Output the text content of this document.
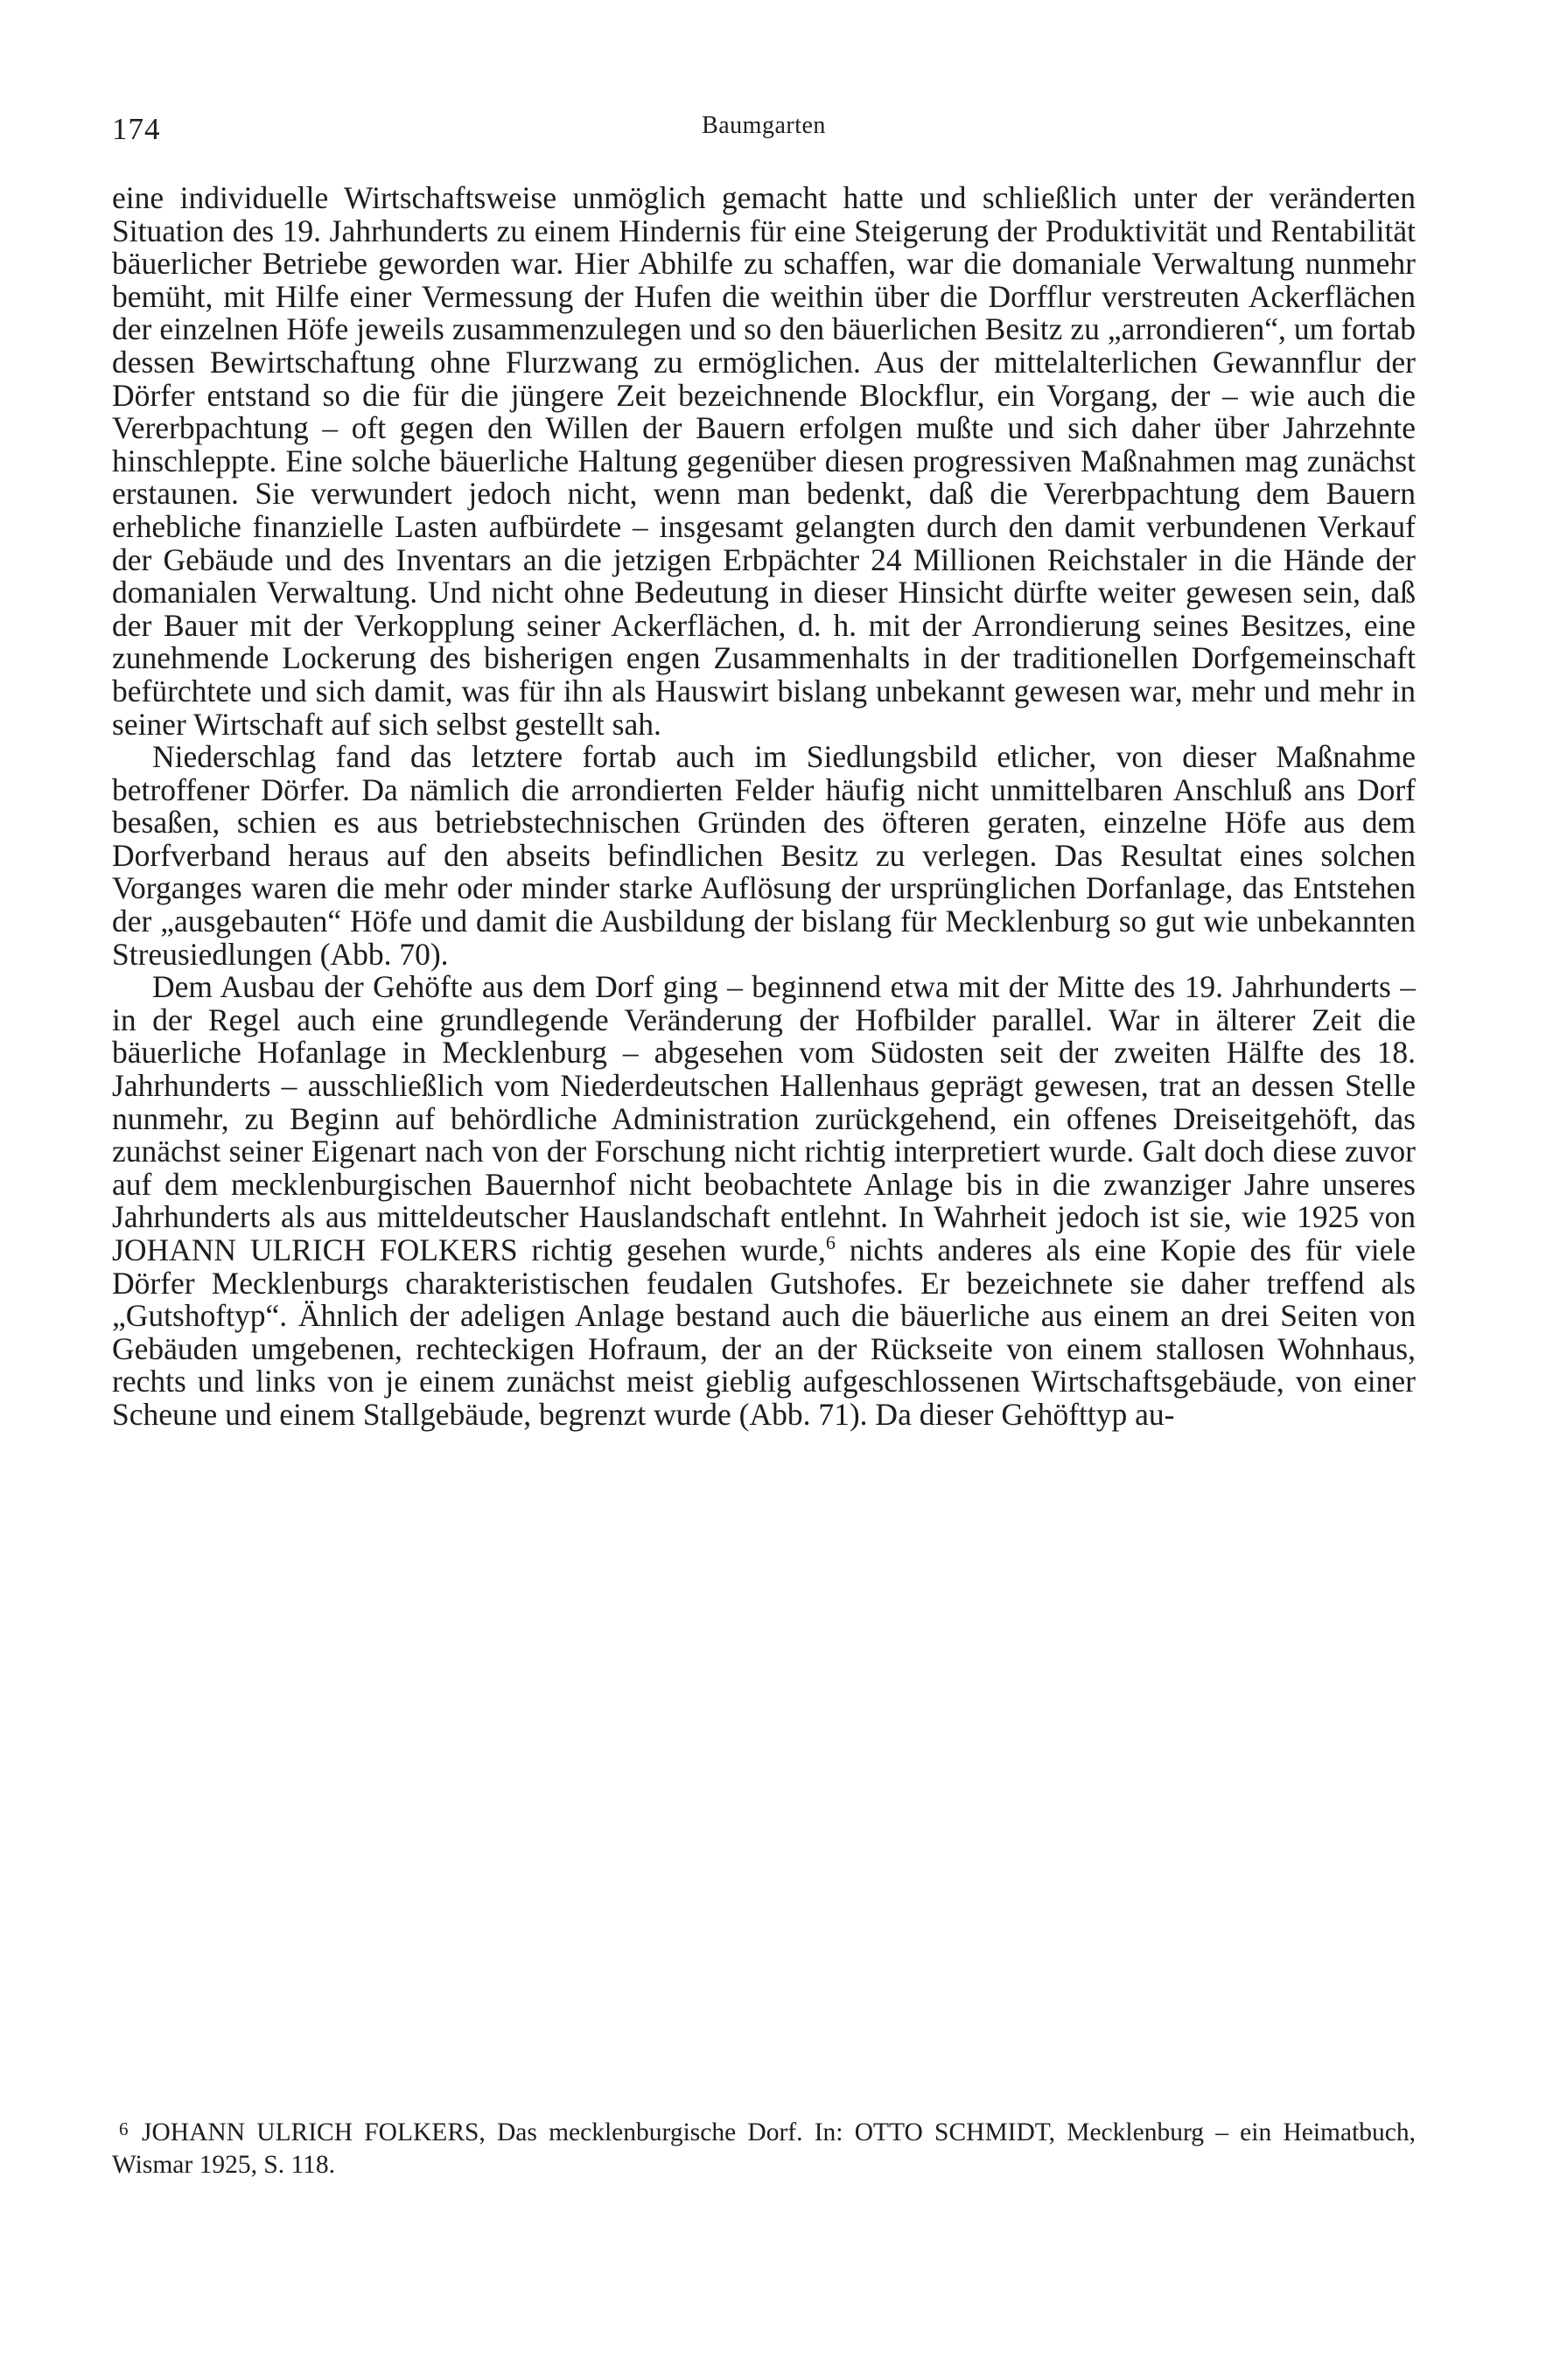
174	Baumgarten

eine individuelle Wirtschaftsweise unmöglich gemacht hatte und schließlich unter der veränderten Situation des 19. Jahrhunderts zu einem Hindernis für eine Steigerung der Produktivität und Rentabilität bäuerlicher Betriebe geworden war. Hier Abhilfe zu schaffen, war die domaniale Verwaltung nunmehr bemüht, mit Hilfe einer Vermessung der Hufen die weithin über die Dorfflur verstreuten Ackerflächen der einzelnen Höfe jeweils zusammenzulegen und so den bäuerlichen Besitz zu „arrondieren“, um fortab dessen Bewirtschaftung ohne Flurzwang zu ermöglichen. Aus der mittelalterlichen Gewannflur der Dörfer entstand so die für die jüngere Zeit bezeichnende Blockflur, ein Vorgang, der – wie auch die Vererbpachtung – oft gegen den Willen der Bauern erfolgen mußte und sich daher über Jahrzehnte hinschleppte. Eine solche bäuerliche Haltung gegenüber diesen progressiven Maßnahmen mag zunächst erstaunen. Sie verwundert jedoch nicht, wenn man bedenkt, daß die Vererbpachtung dem Bauern erhebliche finanzielle Lasten aufbürdete – insgesamt gelangten durch den damit verbundenen Verkauf der Gebäude und des Inventars an die jetzigen Erbpächter 24 Millionen Reichstaler in die Hände der domanialen Verwaltung. Und nicht ohne Bedeutung in dieser Hinsicht dürfte weiter gewesen sein, daß der Bauer mit der Verkopplung seiner Ackerflächen, d. h. mit der Arrondierung seines Besitzes, eine zunehmende Lockerung des bisherigen engen Zusammenhalts in der traditionellen Dorfgemeinschaft befürchtete und sich damit, was für ihn als Hauswirt bislang unbekannt gewesen war, mehr und mehr in seiner Wirtschaft auf sich selbst gestellt sah.

Niederschlag fand das letztere fortab auch im Siedlungsbild etlicher, von dieser Maßnahme betroffener Dörfer. Da nämlich die arrondierten Felder häufig nicht unmittelbaren Anschluß ans Dorf besaßen, schien es aus betriebstechnischen Gründen des öfteren geraten, einzelne Höfe aus dem Dorfverband heraus auf den abseits befindlichen Besitz zu verlegen. Das Resultat eines solchen Vorganges waren die mehr oder minder starke Auflösung der ursprünglichen Dorfanlage, das Entstehen der „ausgebauten“ Höfe und damit die Ausbildung der bislang für Mecklenburg so gut wie unbekannten Streusiedlungen (Abb. 70).

Dem Ausbau der Gehöfte aus dem Dorf ging – beginnend etwa mit der Mitte des 19. Jahrhunderts – in der Regel auch eine grundlegende Veränderung der Hofbilder parallel. War in älterer Zeit die bäuerliche Hofanlage in Mecklenburg – abgesehen vom Südosten seit der zweiten Hälfte des 18. Jahrhunderts – ausschließlich vom Niederdeutschen Hallenhaus geprägt gewesen, trat an dessen Stelle nunmehr, zu Beginn auf behördliche Administration zurückgehend, ein offenes Dreiseitgehöft, das zunächst seiner Eigenart nach von der Forschung nicht richtig interpretiert wurde. Galt doch diese zuvor auf dem mecklenburgischen Bauernhof nicht beobachtete Anlage bis in die zwanziger Jahre unseres Jahrhunderts als aus mitteldeutscher Hauslandschaft entlehnt. In Wahrheit jedoch ist sie, wie 1925 von JOHANN ULRICH FOLKERS richtig gesehen wurde,$^6$ nichts anderes als eine Kopie des für viele Dörfer Mecklenburgs charakteristischen feudalen Gutshofes. Er bezeichnete sie daher treffend als „Gutshoftyp“. Ähnlich der adeligen Anlage bestand auch die bäuerliche aus einem an drei Seiten von Gebäuden umgebenen, rechteckigen Hofraum, der an der Rückseite von einem stallosen Wohnhaus, rechts und links von je einem zunächst meist gieblig aufgeschlossenen Wirtschaftsgebäude, von einer Scheune und einem Stallgebäude, begrenzt wurde (Abb. 71). Da dieser Gehöfttyp au-

6 JOHANN ULRICH FOLKERS, Das mecklenburgische Dorf. In: OTTO SCHMIDT, Mecklenburg – ein Heimatbuch, Wismar 1925, S. 118.
